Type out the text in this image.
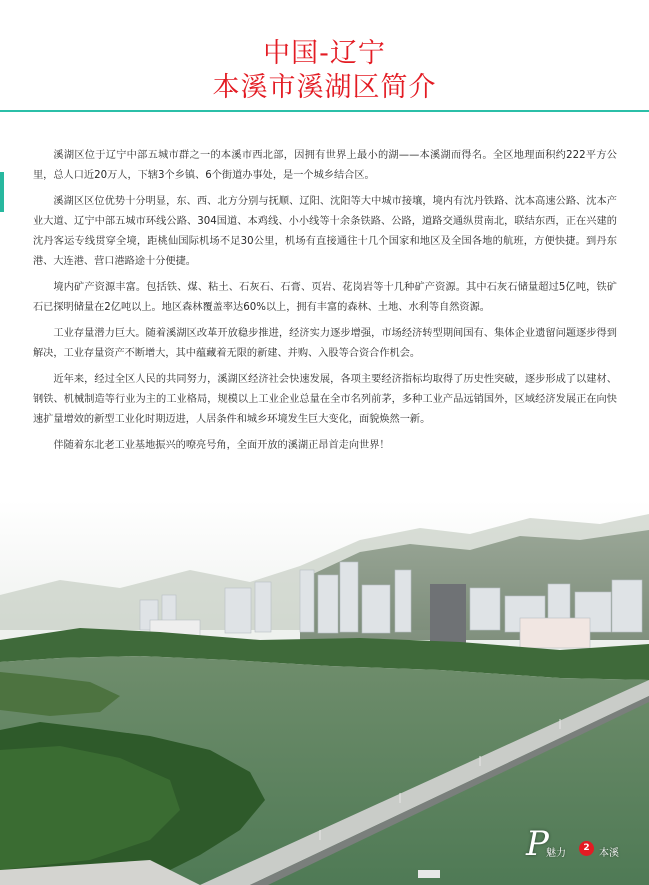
中国-辽宁
本溪市溪湖区简介

溪湖区位于辽宁中部五城市群之一的本溪市西北部，因拥有世界上最小的湖——本溪湖而得名。全区地理面积约222平方公里，总人口近20万人，下辖3个乡镇、6个街道办事处，是一个城乡结合区。

溪湖区区位优势十分明显，东、西、北方分别与抚顺、辽阳、沈阳等大中城市接壤，境内有沈丹铁路、沈本高速公路、沈本产业大道、辽宁中部五城市环线公路、304国道、本鸡线、小小线等十余条铁路、公路，道路交通纵贯南北，联结东西，正在兴建的沈丹客运专线贯穿全境，距桃仙国际机场不足30公里，机场有直接通往十几个国家和地区及全国各地的航班，方便快捷。到丹东港、大连港、营口港路途十分便捷。

境内矿产资源丰富。包括铁、煤、粘土、石灰石、石膏、页岩、花岗岩等十几种矿产资源。其中石灰石储量超过5亿吨，铁矿石已探明储量在2亿吨以上。地区森林覆盖率达60%以上，拥有丰富的森林、土地、水利等自然资源。

工业存量潜力巨大。随着溪湖区改革开放稳步推进，经济实力逐步增强，市场经济转型期间国有、集体企业遗留问题逐步得到解决，工业存量资产不断增大，其中蕴藏着无限的新建、并购、入股等合资合作机会。

近年来，经过全区人民的共同努力，溪湖区经济社会快速发展，各项主要经济指标均取得了历史性突破，逐步形成了以建材、钢铁、机械制造等行业为主的工业格局，规模以上工业企业总量在全市名列前茅，多种工业产品远销国外，区域经济发展正在向快速扩量增效的新型工业化时期迈进，人居条件和城乡环境发生巨大变化，面貌焕然一新。

伴随着东北老工业基地振兴的嘹亮号角，全面开放的溪湖正昂首走向世界！

P
魅力	2 本溪
